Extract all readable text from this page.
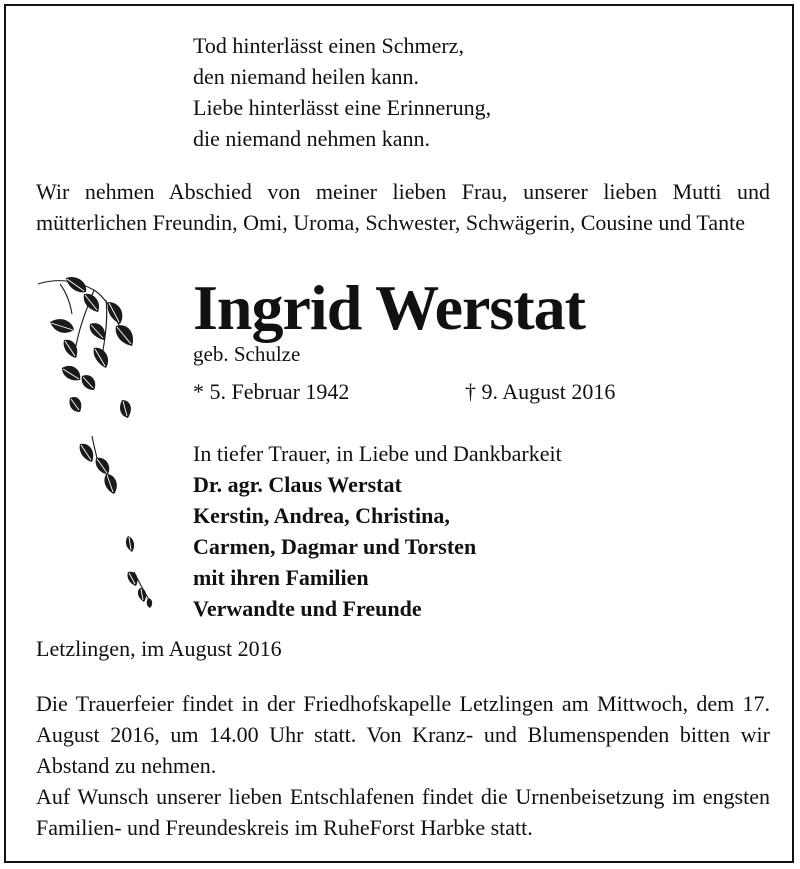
Tod hinterlässt einen Schmerz,
den niemand heilen kann.
Liebe hinterlässt eine Erinnerung,
die niemand nehmen kann.
Wir nehmen Abschied von meiner lieben Frau, unserer lieben Mutti und mütterlichen Freundin, Omi, Uroma, Schwester, Schwägerin, Cousine und Tante
Ingrid Werstat
geb. Schulze
* 5. Februar 1942	† 9. August 2016
In tiefer Trauer, in Liebe und Dankbarkeit
Dr. agr. Claus Werstat
Kerstin, Andrea, Christina,
Carmen, Dagmar und Torsten
mit ihren Familien
Verwandte und Freunde
Letzlingen, im August 2016
Die Trauerfeier findet in der Friedhofskapelle Letzlingen am Mittwoch, dem 17. August 2016, um 14.00 Uhr statt. Von Kranz- und Blumenspenden bitten wir Abstand zu nehmen.
Auf Wunsch unserer lieben Entschlafenen findet die Urnenbeisetzung im engsten Familien- und Freundeskreis im RuheForst Harbke statt.
